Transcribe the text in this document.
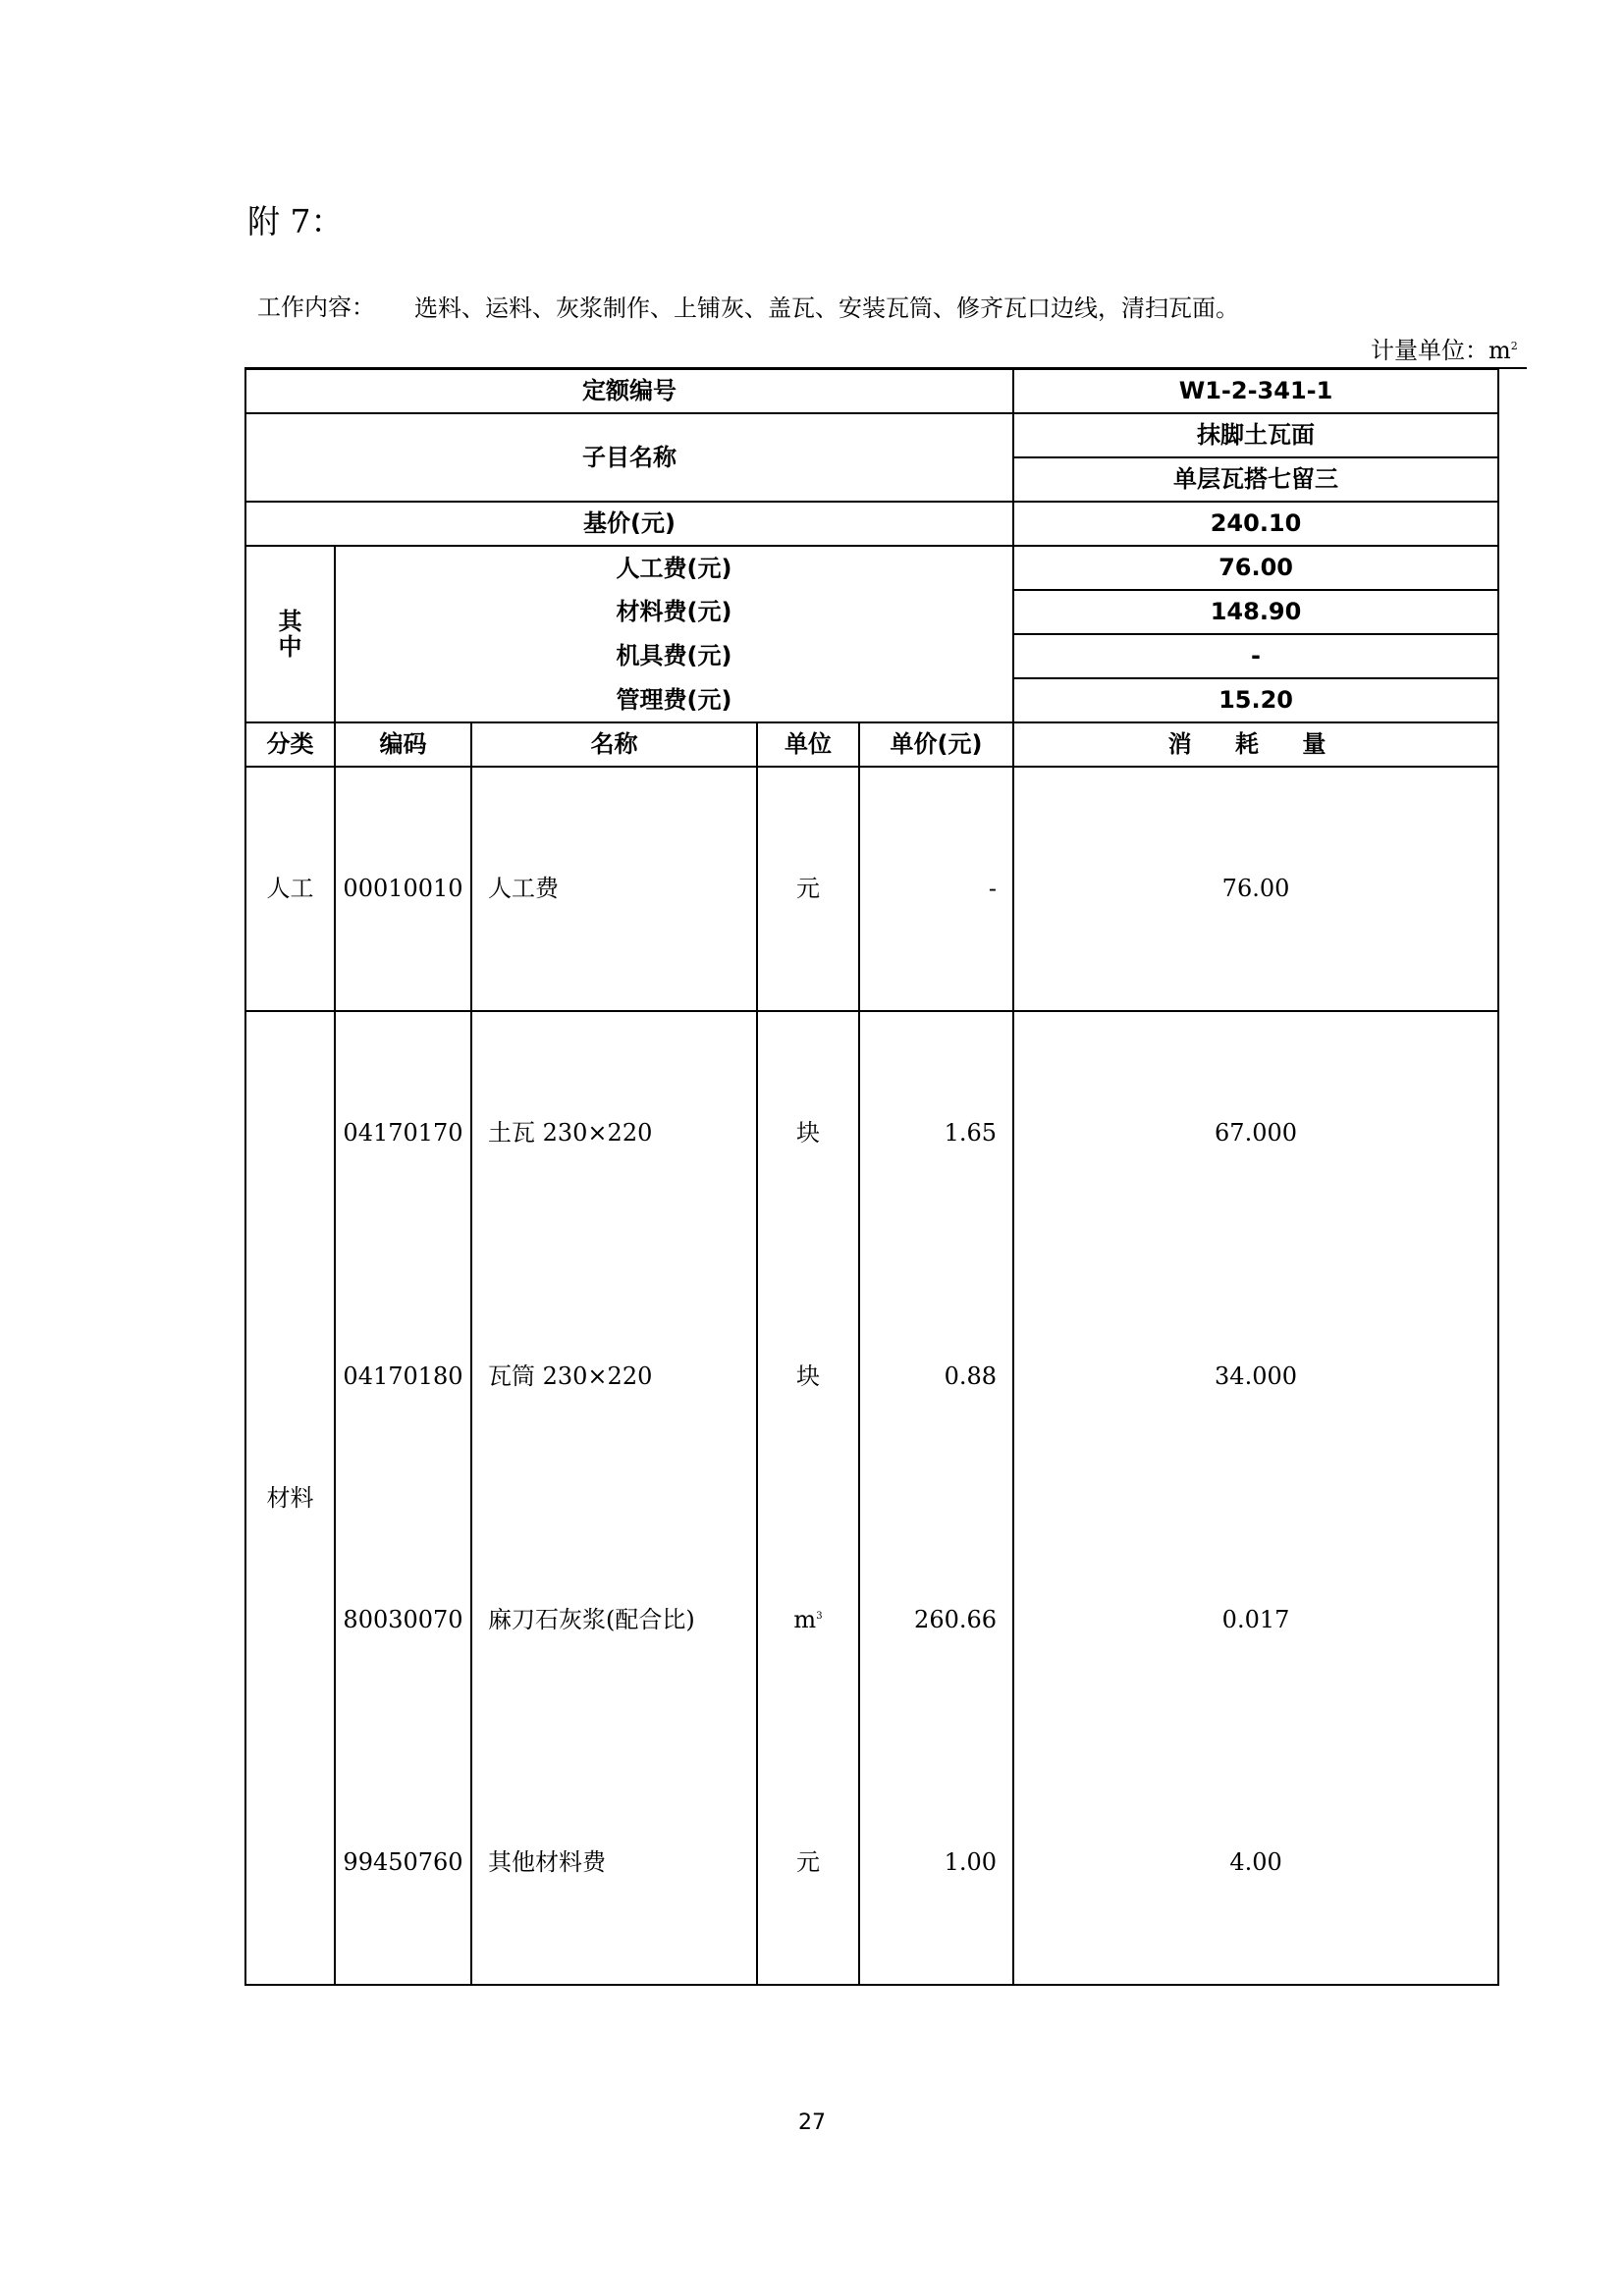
附 7：
工作内容： 选料、运料、灰浆制作、上铺灰、盖瓦、安装瓦筒、修齐瓦口边线，清扫瓦面。
计量单位：$m^2$
定额编号					W1-2-341-1
子目名称					抹脚土瓦面
					单层瓦搭七留三
基价(元)					240.10

其
中	人工费(元)				76.00
	材料费(元)				148.90
	机具费(元)				-
	管理费(元)				15.20
分类	编码	名称	单位	单价(元)	消 耗 量
人工	00010010	人工费	元	-	76.00
材料	04170170	土瓦 230×220	块	1.65	67.000
	04170180	瓦筒 230×220	块	0.88	34.000
	80030070	麻刀石灰浆(配合比)	$m^3$	260.66	0.017
	99450760	其他材料费	元	1.00	4.00
27
